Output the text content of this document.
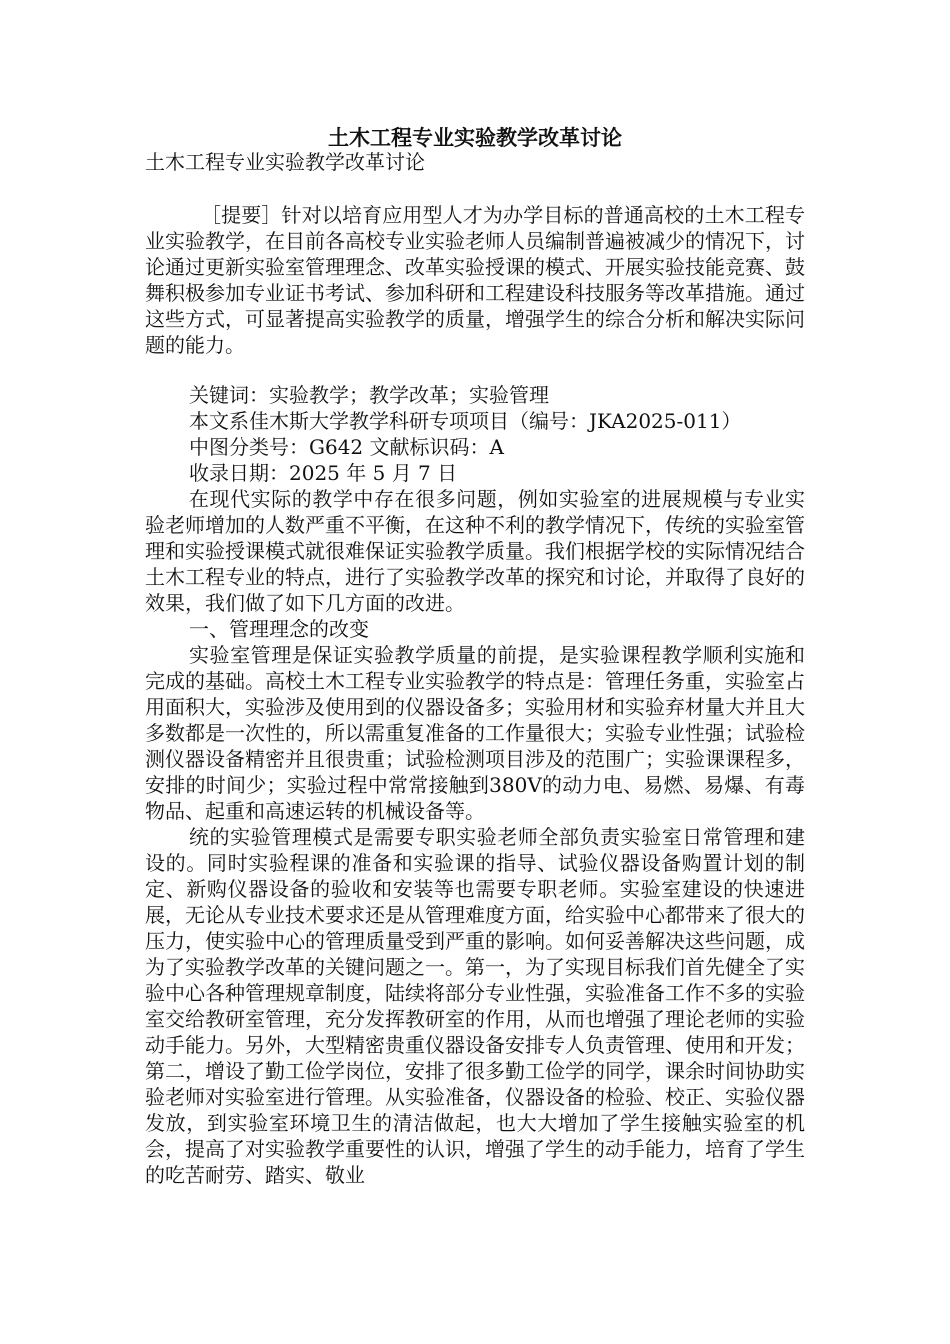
土木工程专业实验教学改革讨论

土木工程专业实验教学改革讨论

［提要］针对以培育应用型人才为办学目标的普通高校的土木工程专业实验教学，在目前各高校专业实验老师人员编制普遍被减少的情况下，讨论通过更新实验室管理理念、改革实验授课的模式、开展实验技能竞赛、鼓舞积极参加专业证书考试、参加科研和工程建设科技服务等改革措施。通过这些方式，可显著提高实验教学的质量，增强学生的综合分析和解决实际问题的能力。

关键词：实验教学；教学改革；实验管理

本文系佳木斯大学教学科研专项项目（编号：JKA2025-011）

中图分类号：G642 文献标识码：A

收录日期：2025 年 5 月 7 日

在现代实际的教学中存在很多问题，例如实验室的进展规模与专业实验老师增加的人数严重不平衡，在这种不利的教学情况下，传统的实验室管理和实验授课模式就很难保证实验教学质量。我们根据学校的实际情况结合土木工程专业的特点，进行了实验教学改革的探究和讨论，并取得了良好的效果，我们做了如下几方面的改进。

一、管理理念的改变

实验室管理是保证实验教学质量的前提，是实验课程教学顺利实施和完成的基础。高校土木工程专业实验教学的特点是：管理任务重，实验室占用面积大，实验涉及使用到的仪器设备多；实验用材和实验弃材量大并且大多数都是一次性的，所以需重复准备的工作量很大；实验专业性强；试验检测仪器设备精密并且很贵重；试验检测项目涉及的范围广；实验课课程多，安排的时间少；实验过程中常常接触到380V的动力电、易燃、易爆、有毒物品、起重和高速运转的机械设备等。

统的实验管理模式是需要专职实验老师全部负责实验室日常管理和建设的。同时实验程课的准备和实验课的指导、试验仪器设备购置计划的制定、新购仪器设备的验收和安装等也需要专职老师。实验室建设的快速进展，无论从专业技术要求还是从管理难度方面，给实验中心都带来了很大的压力，使实验中心的管理质量受到严重的影响。如何妥善解决这些问题，成为了实验教学改革的关键问题之一。第一，为了实现目标我们首先健全了实验中心各种管理规章制度，陆续将部分专业性强，实验准备工作不多的实验室交给教研室管理，充分发挥教研室的作用，从而也增强了理论老师的实验动手能力。另外，大型精密贵重仪器设备安排专人负责管理、使用和开发；第二，增设了勤工俭学岗位，安排了很多勤工俭学的同学，课余时间协助实验老师对实验室进行管理。从实验准备，仪器设备的检验、校正、实验仪器发放，到实验室环境卫生的清洁做起，也大大增加了学生接触实验室的机会，提高了对实验教学重要性的认识，增强了学生的动手能力，培育了学生的吃苦耐劳、踏实、敬业
